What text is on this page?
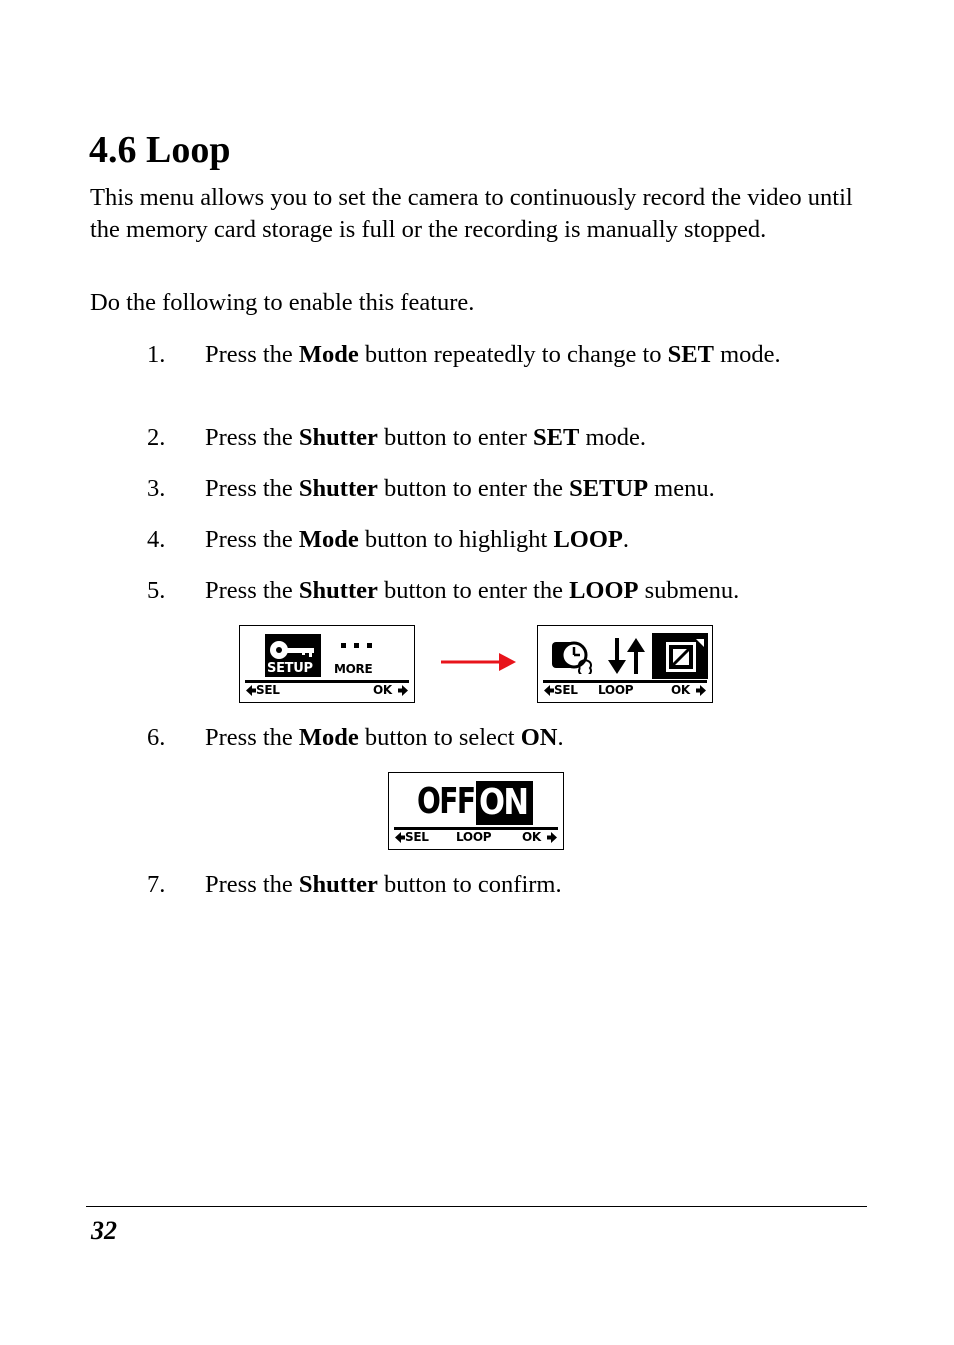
4.6 Loop

This menu allows you to set the camera to continuously record the video until the memory card storage is full or the recording is manually stopped.

Do the following to enable this feature.

1. Press the Mode button repeatedly to change to SET mode.
2. Press the Shutter button to enter SET mode.
3. Press the Shutter button to enter the SETUP menu.
4. Press the Mode button to highlight LOOP.
5. Press the Shutter button to enter the LOOP submenu.
SETUP MORE
SEL	OK	SEL LOOP	OK
6. Press the Mode button to select ON.
OFF ON
SEL LOOP	OK
7. Press the Shutter button to confirm.
32
